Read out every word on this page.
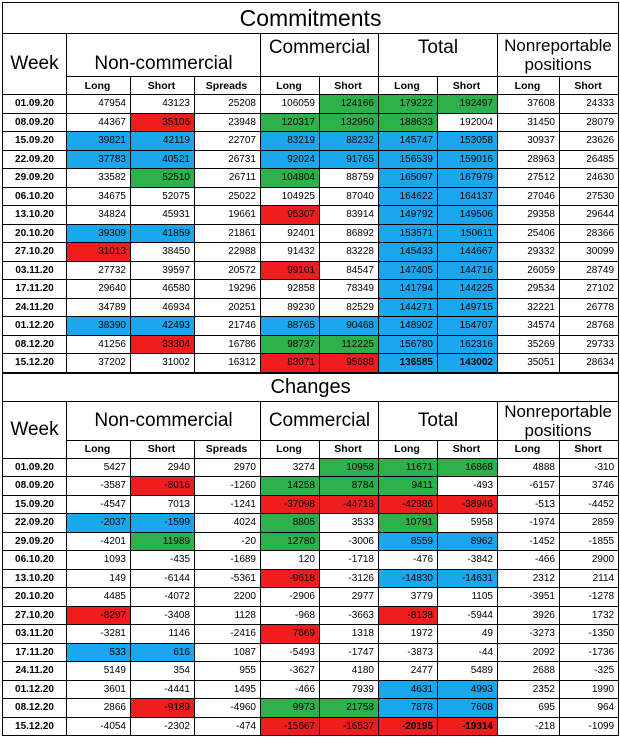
Commitments									
Week	Non-commercial			Commercial		Total		Nonreportable positions	
	Long	Short	Spreads	Long	Short	Long	Short	Long	Short
01.09.20	47954	43123	25208	106059	124166	179222	192497	37608	24333
08.09.20	44367	35106	23948	120317	132950	188633	192004	31450	28079
15.09.20	39821	42119	22707	83219	88232	145747	153058	30937	23626
22.09.20	37783	40521	26731	92024	91765	156539	159016	28963	26485
29.09.20	33582	52510	26711	104804	88759	165097	167979	27512	24630
06.10.20	34675	52075	25022	104925	87040	164622	164137	27046	27530
13.10.20	34824	45931	19661	95307	83914	149792	149506	29358	29644
20.10.20	39309	41859	21861	92401	86892	153571	150611	25406	28366
27.10.20	31013	38450	22988	91432	83228	145433	144667	29332	30099
03.11.20	27732	39597	20572	99101	84547	147405	144716	26059	28749
17.11.20	29640	46580	19296	92858	78349	141794	144225	29534	27102
24.11.20	34789	46934	20251	89230	82529	144271	149715	32221	26778
01.12.20	38390	42493	21746	88765	90468	148902	154707	34574	28768
08.12.20	41256	33304	16786	98737	112225	156780	162316	35269	29733
15.12.20	37202	31002	16312	83071	95688	136585	143002	35051	28634
Changes									
Week	Non-commercial			Commercial		Total		Nonreportable positions	
	Long	Short	Spreads	Long	Short	Long	Short	Long	Short
01.09.20	5427	2940	2970	3274	10958	11671	16868	4888	-310
08.09.20	-3587	-8016	-1260	14258	8784	9411	-493	-6157	3746
15.09.20	-4547	7013	-1241	-37098	-44718	-42886	-38946	-513	-4452
22.09.20	-2037	-1599	4024	8805	3533	10791	5958	-1974	2859
29.09.20	-4201	11989	-20	12780	-3006	8559	8962	-1452	-1855
06.10.20	1093	-435	-1689	120	-1718	-476	-3842	-466	2900
13.10.20	149	-6144	-5361	-9618	-3126	-14830	-14631	2312	2114
20.10.20	4485	-4072	2200	-2906	2977	3779	1105	-3951	-1278
27.10.20	-8297	-3408	1128	-968	-3663	-8138	-5944	3926	1732
03.11.20	-3281	1146	-2416	7669	1318	1972	49	-3273	-1350
17.11.20	533	616	1087	-5493	-1747	-3873	-44	2092	-1736
24.11.20	5149	354	955	-3627	4180	2477	5489	2688	-325
01.12.20	3601	-4441	1495	-466	7939	4631	4993	2352	1990
08.12.20	2866	-9189	-4960	9973	21758	7878	7608	695	964
15.12.20	-4054	-2302	-474	-15667	-16537	-20195	-19314	-218	-1099
